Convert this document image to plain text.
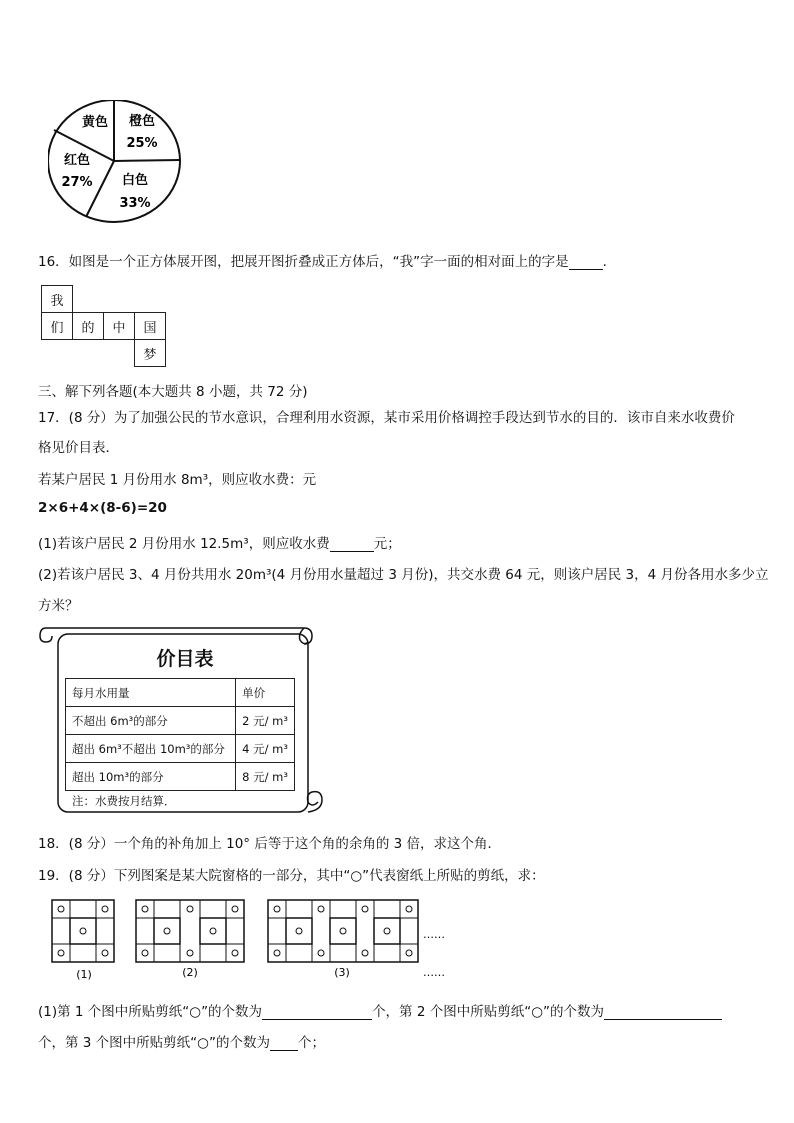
黄色 橙色
25%
红色
27% 白色
33%
16．如图是一个正方体展开图，把展开图折叠成正方体后，“我”字一面的相对面上的字是	．
我
们	的	中	国
梦
三、解下列各题(本大题共 8 小题，共 72 分)
17．(8 分）为了加强公民的节水意识，合理利用水资源，某市采用价格调控手段达到节水的目的．该市自来水收费价
格见价目表．
若某户居民 1 月份用水 8m³，则应收水费：元
2×6+4×(8-6)=20
(1)若该户居民 2 月份用水 12.5m³，则应收水费	元；
(2)若该户居民 3、4 月份共用水 20m³(4 月份用水量超过 3 月份)，共交水费 64 元，则该户居民 3，4 月份各用水多少立
方米？
价目表
每月水用量	单价
不超出 6m³的部分	2 元∕ m³
超出 6m³不超出 10m³的部分	4 元∕ m³
超出 10m³的部分	8 元∕ m³
注：水费按月结算．
18．(8 分）一个角的补角加上 10° 后等于这个角的余角的 3 倍，求这个角．
19．(8 分）下列图案是某大院窗格的一部分，其中“○”代表窗纸上所贴的剪纸，求：
……
(1)	(2)	(3)	……
(1)第 1 个图中所贴剪纸“○”的个数为	个，第 2 个图中所贴剪纸“○”的个数为
个，第 3 个图中所贴剪纸“○”的个数为 个；
